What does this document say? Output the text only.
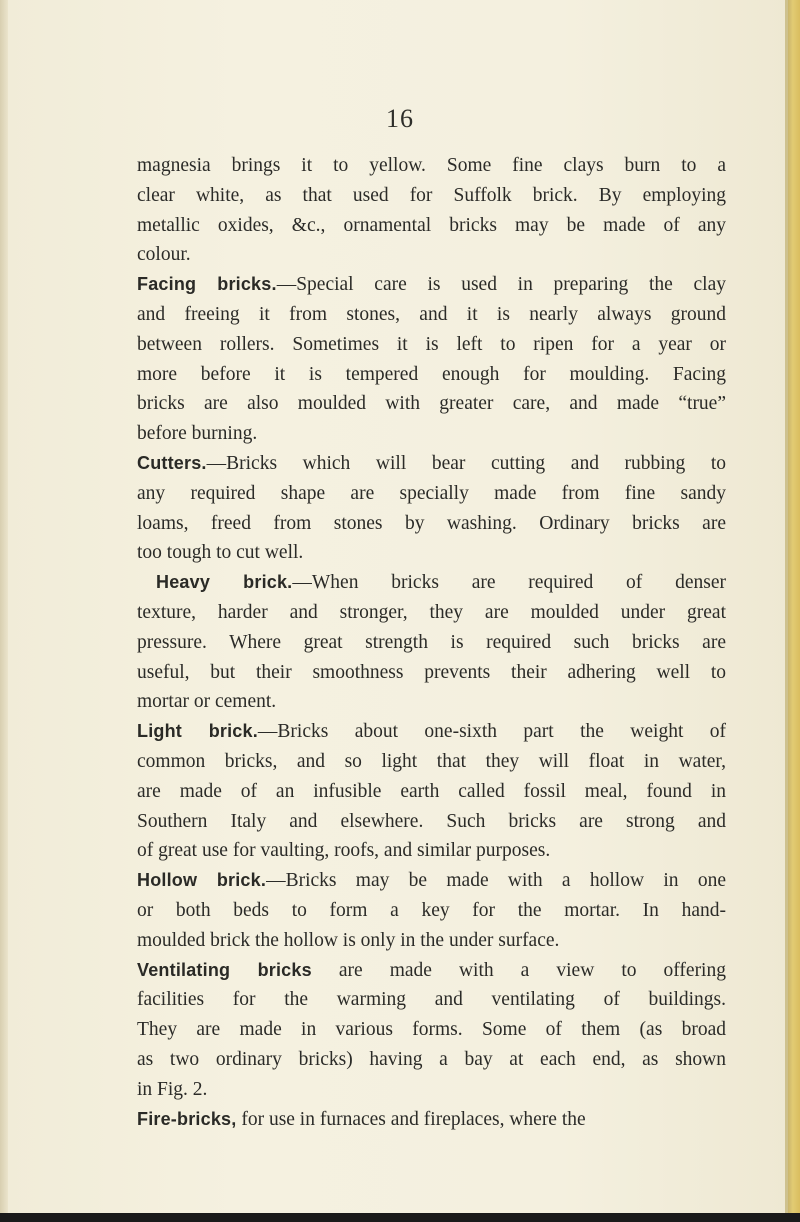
16
magnesia brings it to yellow. Some fine clays burn to a
clear white, as that used for Suffolk brick. By employing
metallic oxides, &c., ornamental bricks may be made of any
colour.
Facing bricks.—Special care is used in preparing the clay
and freeing it from stones, and it is nearly always ground
between rollers. Sometimes it is left to ripen for a year or
more before it is tempered enough for moulding. Facing
bricks are also moulded with greater care, and made “true”
before burning.
Cutters.—Bricks which will bear cutting and rubbing to
any required shape are specially made from fine sandy
loams, freed from stones by washing. Ordinary bricks are
too tough to cut well.
Heavy brick.—When bricks are required of denser
texture, harder and stronger, they are moulded under great
pressure. Where great strength is required such bricks are
useful, but their smoothness prevents their adhering well to
mortar or cement.
Light brick.—Bricks about one-sixth part the weight of
common bricks, and so light that they will float in water,
are made of an infusible earth called fossil meal, found in
Southern Italy and elsewhere. Such bricks are strong and
of great use for vaulting, roofs, and similar purposes.
Hollow brick.—Bricks may be made with a hollow in one
or both beds to form a key for the mortar. In hand-
moulded brick the hollow is only in the under surface.
Ventilating bricks are made with a view to offering
facilities for the warming and ventilating of buildings.
They are made in various forms. Some of them (as broad
as two ordinary bricks) having a bay at each end, as shown
in Fig. 2.
Fire-bricks, for use in furnaces and fireplaces, where the
